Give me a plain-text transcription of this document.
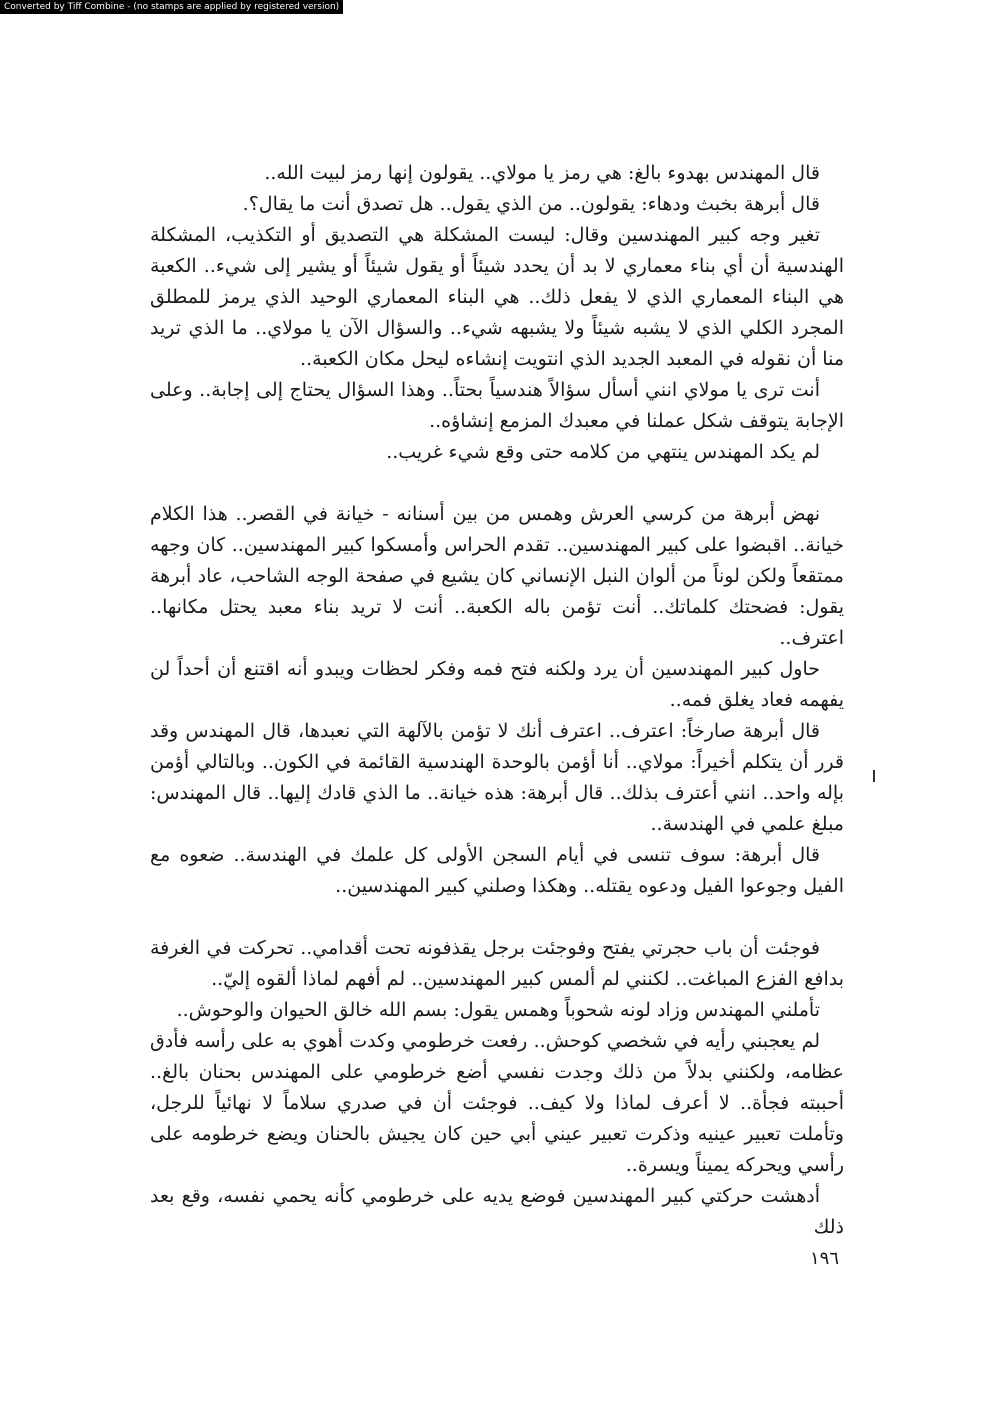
Converted by Tiff Combine - (no stamps are applied by registered version)

قال المهندس بهدوء بالغ: هي رمز يا مولاي.. يقولون إنها رمز لبيت الله..

قال أبرهة بخبث ودهاء: يقولون.. من الذي يقول.. هل تصدق أنت ما يقال؟.

تغير وجه كبير المهندسين وقال: ليست المشكلة هي التصديق أو التكذيب، المشكلة الهندسية أن أي بناء معماري لا بد أن يحدد شيئاً أو يقول شيئاً أو يشير إلى شيء.. الكعبة هي البناء المعماري الذي لا يفعل ذلك.. هي البناء المعماري الوحيد الذي يرمز للمطلق المجرد الكلي الذي لا يشبه شيئاً ولا يشبهه شيء.. والسؤال الآن يا مولاي.. ما الذي تريد منا أن نقوله في المعبد الجديد الذي انتويت إنشاءه ليحل مكان الكعبة..

أنت ترى يا مولاي انني أسأل سؤالاً هندسياً بحتاً.. وهذا السؤال يحتاج إلى إجابة.. وعلى الإجابة يتوقف شكل عملنا في معبدك المزمع إنشاؤه..

لم يكد المهندس ينتهي من كلامه حتى وقع شيء غريب..

نهض أبرهة من كرسي العرش وهمس من بين أسنانه - خيانة في القصر.. هذا الكلام خيانة.. اقبضوا على كبير المهندسين.. تقدم الحراس وأمسكوا كبير المهندسين.. كان وجهه ممتقعاً ولكن لوناً من ألوان النبل الإنساني كان يشيع في صفحة الوجه الشاحب، عاد أبرهة يقول: فضحتك كلماتك.. أنت تؤمن باله الكعبة.. أنت لا تريد بناء معبد يحتل مكانها.. اعترف..

حاول كبير المهندسين أن يرد ولكنه فتح فمه وفكر لحظات ويبدو أنه اقتنع أن أحداً لن يفهمه فعاد يغلق فمه..

قال أبرهة صارخاً: اعترف.. اعترف أنك لا تؤمن بالآلهة التي نعبدها، قال المهندس وقد قرر أن يتكلم أخيراً: مولاي.. أنا أؤمن بالوحدة الهندسية القائمة في الكون.. وبالتالي أؤمن بإله واحد.. انني أعترف بذلك.. قال أبرهة: هذه خيانة.. ما الذي قادك إليها.. قال المهندس: مبلغ علمي في الهندسة..

قال أبرهة: سوف تنسى في أيام السجن الأولى كل علمك في الهندسة.. ضعوه مع الفيل وجوعوا الفيل ودعوه يقتله.. وهكذا وصلني كبير المهندسين..

فوجئت أن باب حجرتي يفتح وفوجئت برجل يقذفونه تحت أقدامي.. تحركت في الغرفة بدافع الفزع المباغت.. لكنني لم ألمس كبير المهندسين.. لم أفهم لماذا ألقوه إليّ..

تأملني المهندس وزاد لونه شحوباً وهمس يقول: بسم الله خالق الحيوان والوحوش..

لم يعجبني رأيه في شخصي كوحش.. رفعت خرطومي وكدت أهوي به على رأسه فأدق عظامه، ولكنني بدلاً من ذلك وجدت نفسي أضع خرطومي على المهندس بحنان بالغ.. أحببته فجأة.. لا أعرف لماذا ولا كيف.. فوجئت أن في صدري سلاماً لا نهائياً للرجل، وتأملت تعبير عينيه وذكرت تعبير عيني أبي حين كان يجيش بالحنان ويضع خرطومه على رأسي ويحركه يميناً ويسرة..

أدهشت حركتي كبير المهندسين فوضع يديه على خرطومي كأنه يحمي نفسه، وقع بعد ذلك

١٩٦
